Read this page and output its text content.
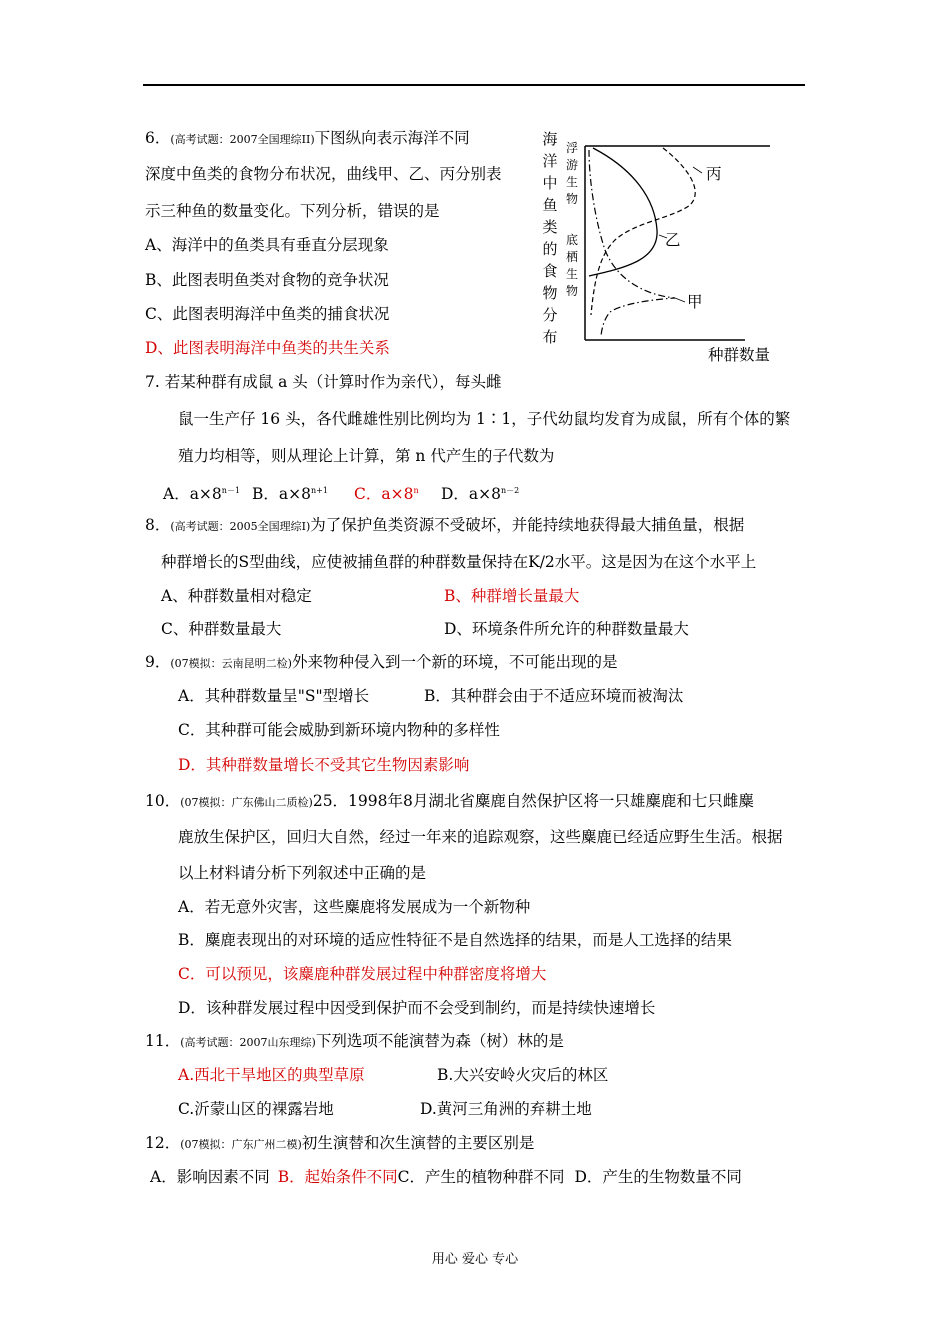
6．(高考试题：2007全国理综II)下图纵向表示海洋不同
深度中鱼类的食物分布状况，曲线甲、乙、丙分别表
示三种鱼的数量变化。下列分析，错误的是
A、海洋中的鱼类具有垂直分层现象
B、此图表明鱼类对食物的竞争状况
C、此图表明海洋中鱼类的捕食状况
D、此图表明海洋中鱼类的共生关系
海
洋
中
鱼
类
的
食
物
分
布
浮
游
生
物
底
栖
生
物
丙
乙
甲
种群数量
7. 若某种群有成鼠 a 头（计算时作为亲代），每头雌
鼠一生产仔 16 头，各代雌雄性别比例均为 1∶1，子代幼鼠均发育为成鼠，所有个体的繁
殖力均相等，则从理论上计算，第 n 代产生的子代数为
A．$a\times 8^{n-1}$ B．$a\times 8^{n+1}$ C．$a\times 8^n$ D．$a\times 8^{n-2}$
8．(高考试题：2005全国理综Ⅰ)为了保护鱼类资源不受破坏，并能持续地获得最大捕鱼量，根据
种群增长的S型曲线，应使被捕鱼群的种群数量保持在K/2水平。这是因为在这个水平上
A、种群数量相对稳定	B、种群增长量最大
C、种群数量最大	D、环境条件所允许的种群数量最大
9．(07模拟：云南昆明二检)外来物种侵入到一个新的环境，不可能出现的是
A．其种群数量呈"S"型增长	B．其种群会由于不适应环境而被淘汰
C．其种群可能会威胁到新环境内物种的多样性
D．其种群数量增长不受其它生物因素影响
10．(07模拟：广东佛山二质检)25．1998年8月湖北省麋鹿自然保护区将一只雄麋鹿和七只雌麋
鹿放生保护区，回归大自然，经过一年来的追踪观察，这些麋鹿已经适应野生生活。根据
以上材料请分析下列叙述中正确的是
A．若无意外灾害，这些麋鹿将发展成为一个新物种
B．麋鹿表现出的对环境的适应性特征不是自然选择的结果，而是人工选择的结果
C．可以预见，该麋鹿种群发展过程中种群密度将增大
D．该种群发展过程中因受到保护而不会受到制约，而是持续快速增长
11．(高考试题：2007山东理综)下列选项不能演替为森（树）林的是
A.西北干旱地区的典型草原	B.大兴安岭火灾后的林区
C.沂蒙山区的裸露岩地	D.黄河三角洲的弃耕土地
12．(07模拟：广东广州二模)初生演替和次生演替的主要区别是
A．影响因素不同 B．起始条件不同C．产生的植物种群不同 D．产生的生物数量不同
用心 爱心 专心
